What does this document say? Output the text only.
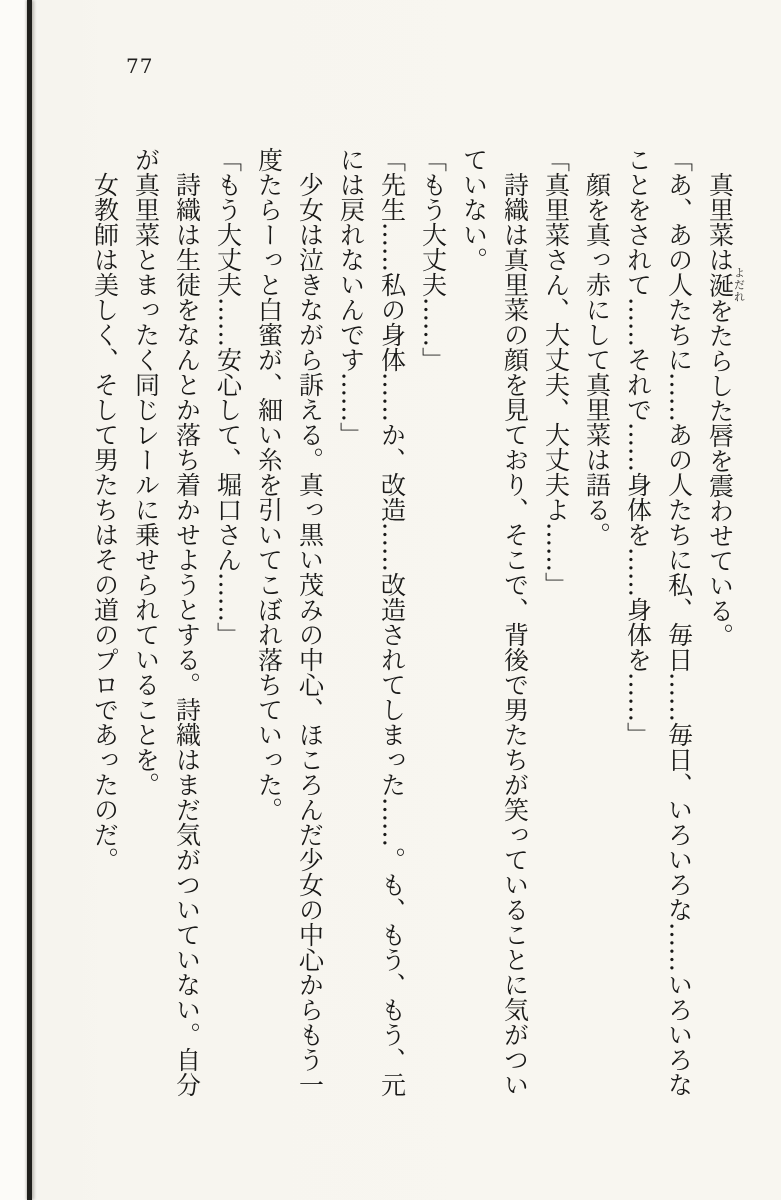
77

真里菜は涎よだれをたらした唇を震わせている。

「あ、あの人たちに……あの人たちに私、毎日……毎日、いろいろな……いろいろな

ことをされて……それで……身体を……身体を……」

顔を真っ赤にして真里菜は語る。

「真里菜さん、大丈夫、大丈夫よ……」

詩織は真里菜の顔を見ており、そこで、背後で男たちが笑っていることに気がつい

ていない。

「もう大丈夫……」

「先生……私の身体……か、改造……改造されてしまった……。も、もう、もう、元

には戻れないんです……」

少女は泣きながら訴える。真っ黒い茂みの中心、ほころんだ少女の中心からもう一

度たらーっと白蜜が、細い糸を引いてこぼれ落ちていった。

「もう大丈夫……安心して、堀口さん……」

詩織は生徒をなんとか落ち着かせようとする。詩織はまだ気がついていない。自分

が真里菜とまったく同じレールに乗せられていることを。

女教師は美しく、そして男たちはその道のプロであったのだ。
